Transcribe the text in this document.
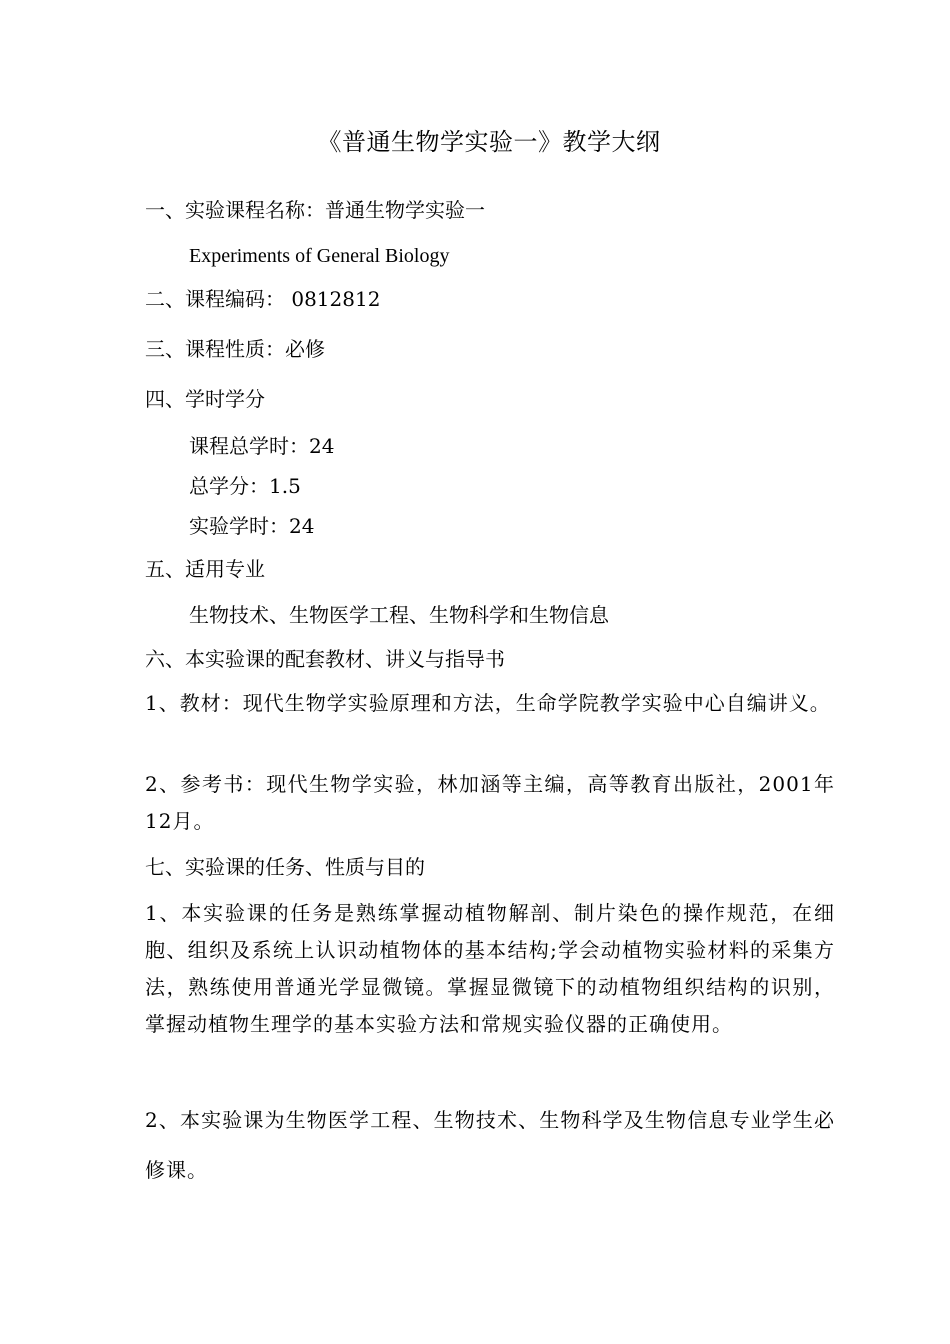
《普通生物学实验一》教学大纲
一、实验课程名称：普通生物学实验一
Experiments of General Biology
二、课程编码： 0812812
三、课程性质：必修
四、学时学分
课程总学时：24
总学分：1.5
实验学时：24
五、适用专业
生物技术、生物医学工程、生物科学和生物信息
六、本实验课的配套教材、讲义与指导书
1、教材：现代生物学实验原理和方法，生命学院教学实验中心自编讲义。
2、参考书：现代生物学实验，林加涵等主编，高等教育出版社，2001年12月。
七、实验课的任务、性质与目的
1、本实验课的任务是熟练掌握动植物解剖、制片染色的操作规范，在细胞、组织及系统上认识动植物体的基本结构;学会动植物实验材料的采集方法，熟练使用普通光学显微镜。掌握显微镜下的动植物组织结构的识别，掌握动植物生理学的基本实验方法和常规实验仪器的正确使用。
2、本实验课为生物医学工程、生物技术、生物科学及生物信息专业学生必修课。
